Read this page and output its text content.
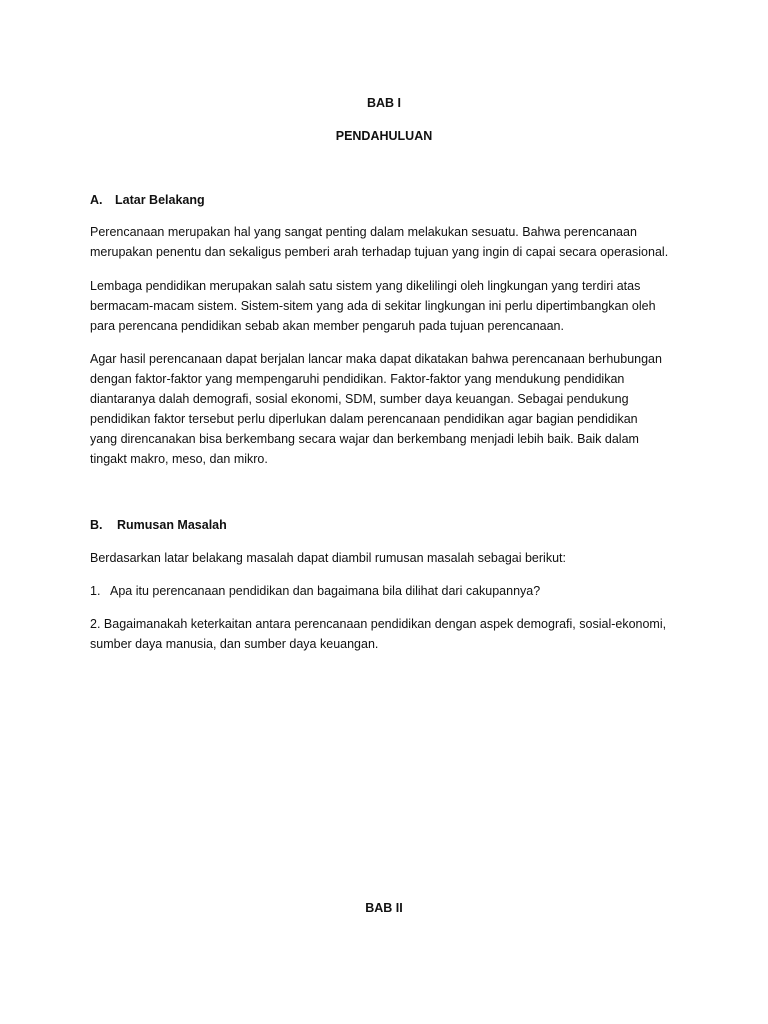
BAB I

PENDAHULUAN

A. Latar Belakang

Perencanaan merupakan hal yang sangat penting dalam melakukan sesuatu. Bahwa perencanaan
merupakan penentu dan sekaligus pemberi arah terhadap tujuan yang ingin di capai secara operasional.
Lembaga pendidikan merupakan salah satu sistem yang dikelilingi oleh lingkungan yang terdiri atas
bermacam-macam sistem. Sistem-sitem yang ada di sekitar lingkungan ini perlu dipertimbangkan oleh
para perencana pendidikan sebab akan member pengaruh pada tujuan perencanaan.
Agar hasil perencanaan dapat berjalan lancar maka dapat dikatakan bahwa perencanaan berhubungan
dengan faktor-faktor yang mempengaruhi pendidikan. Faktor-faktor yang mendukung pendidikan
diantaranya dalah demografi, sosial ekonomi, SDM, sumber daya keuangan. Sebagai pendukung
pendidikan faktor tersebut perlu diperlukan dalam perencanaan pendidikan agar bagian pendidikan
yang direncanakan bisa berkembang secara wajar dan berkembang menjadi lebih baik. Baik dalam
tingakt makro, meso, dan mikro.

B. Rumusan Masalah

Berdasarkan latar belakang masalah dapat diambil rumusan masalah sebagai berikut:
1. Apa itu perencanaan pendidikan dan bagaimana bila dilihat dari cakupannya?
2. Bagaimanakah keterkaitan antara perencanaan pendidikan dengan aspek demografi, sosial-ekonomi,
sumber daya manusia, dan sumber daya keuangan.

BAB II
